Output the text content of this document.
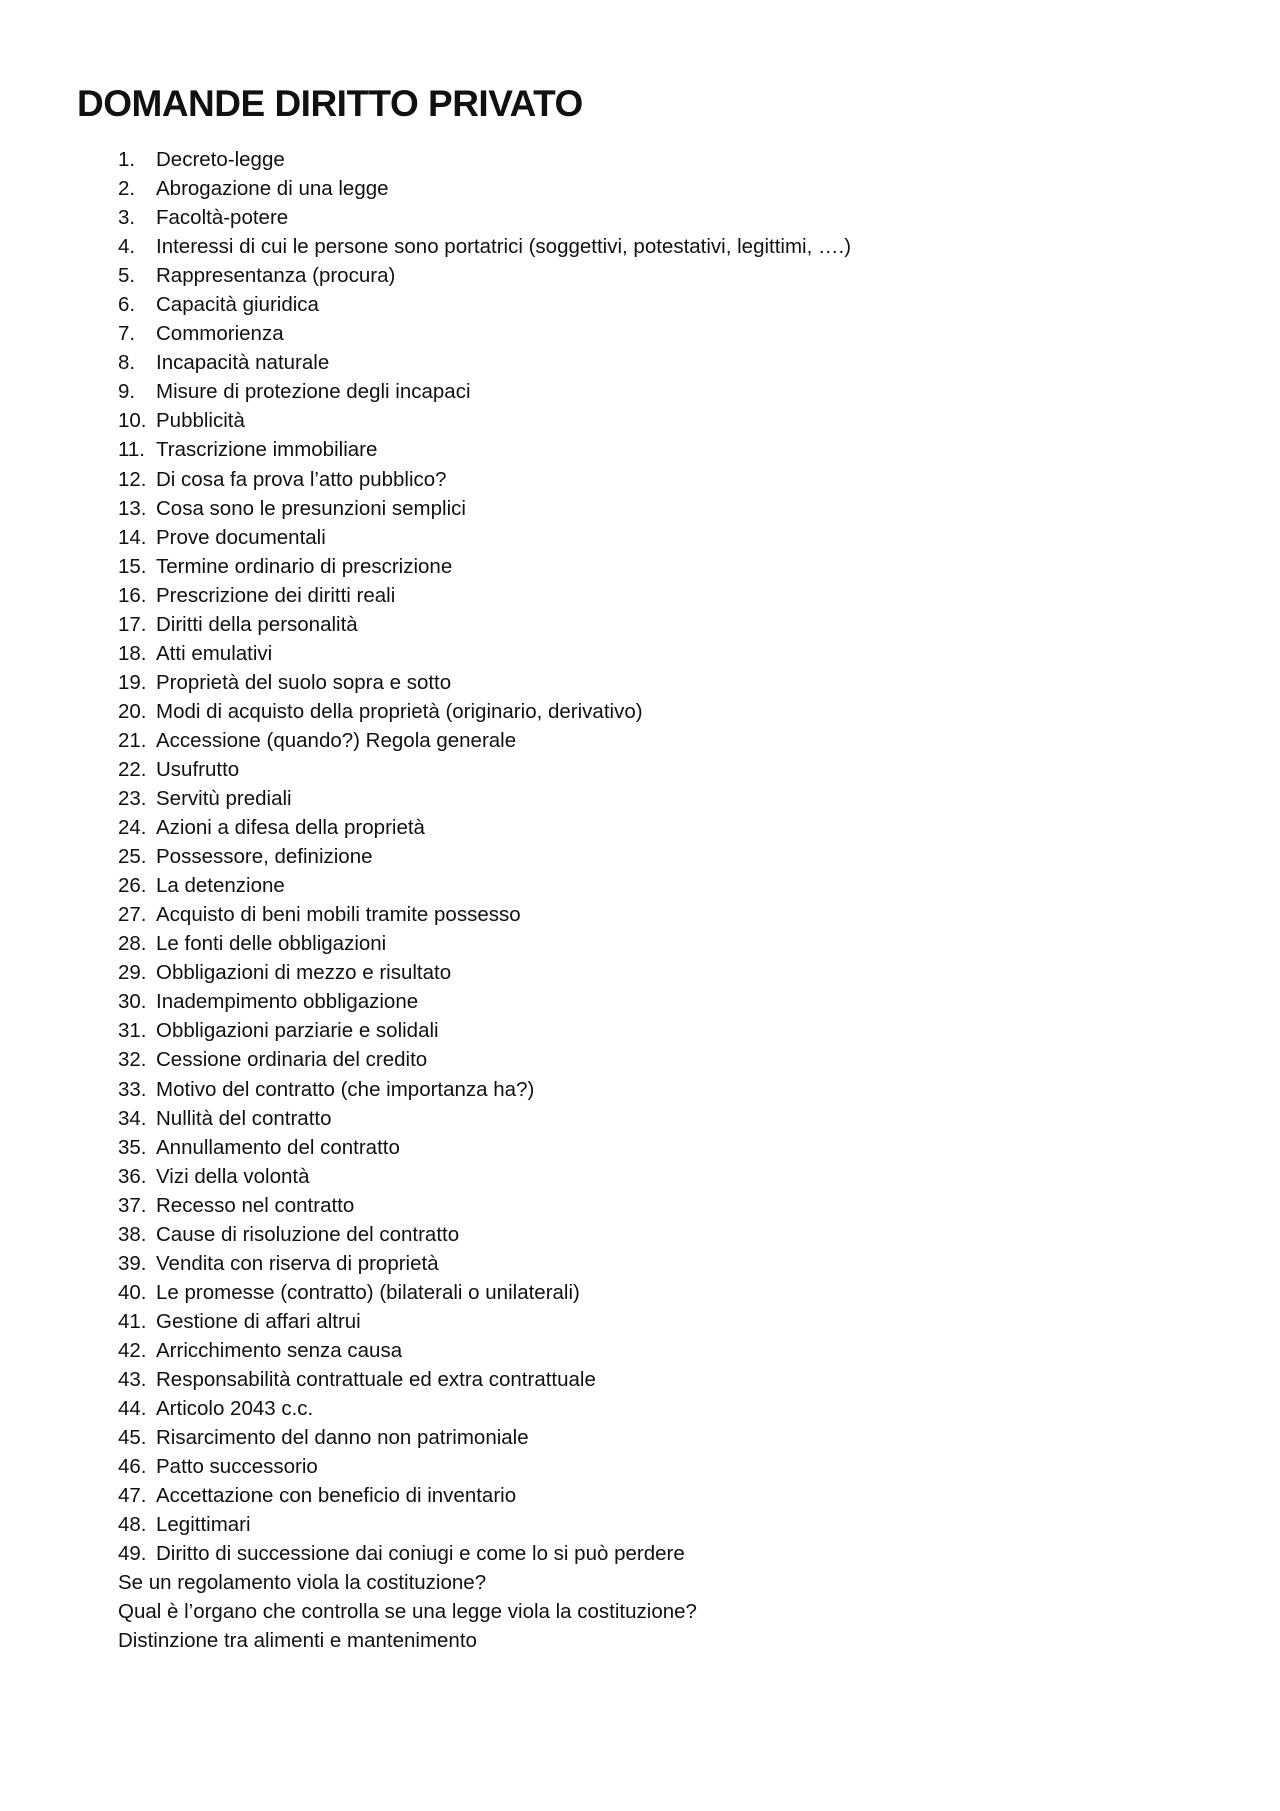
DOMANDE DIRITTO PRIVATO
1.	Decreto-legge
2.	Abrogazione di una legge
3.	Facoltà-potere
4.	Interessi di cui le persone sono portatrici (soggettivi, potestativi, legittimi, ….)
5.	Rappresentanza (procura)
6.	Capacità giuridica
7.	Commorienza
8.	Incapacità naturale
9.	Misure di protezione degli incapaci
10. Pubblicità
11. Trascrizione immobiliare
12. Di cosa fa prova l’atto pubblico?
13. Cosa sono le presunzioni semplici
14. Prove documentali
15. Termine ordinario di prescrizione
16. Prescrizione dei diritti reali
17. Diritti della personalità
18. Atti emulativi
19. Proprietà del suolo sopra e sotto
20. Modi di acquisto della proprietà (originario, derivativo)
21. Accessione (quando?) Regola generale
22. Usufrutto
23. Servitù prediali
24. Azioni a difesa della proprietà
25. Possessore, definizione
26. La detenzione
27. Acquisto di beni mobili tramite possesso
28. Le fonti delle obbligazioni
29. Obbligazioni di mezzo e risultato
30. Inadempimento obbligazione
31. Obbligazioni parziarie e solidali
32. Cessione ordinaria del credito
33. Motivo del contratto (che importanza ha?)
34. Nullità del contratto
35. Annullamento del contratto
36. Vizi della volontà
37. Recesso nel contratto
38. Cause di risoluzione del contratto
39. Vendita con riserva di proprietà
40. Le promesse (contratto) (bilaterali o unilaterali)
41. Gestione di affari altrui
42. Arricchimento senza causa
43. Responsabilità contrattuale ed extra contrattuale
44. Articolo 2043 c.c.
45. Risarcimento del danno non patrimoniale
46. Patto successorio
47. Accettazione con beneficio di inventario
48. Legittimari
49. Diritto di successione dai coniugi e come lo si può perdere
Se un regolamento viola la costituzione?
Qual è l’organo che controlla se una legge viola la costituzione?
Distinzione tra alimenti e mantenimento
